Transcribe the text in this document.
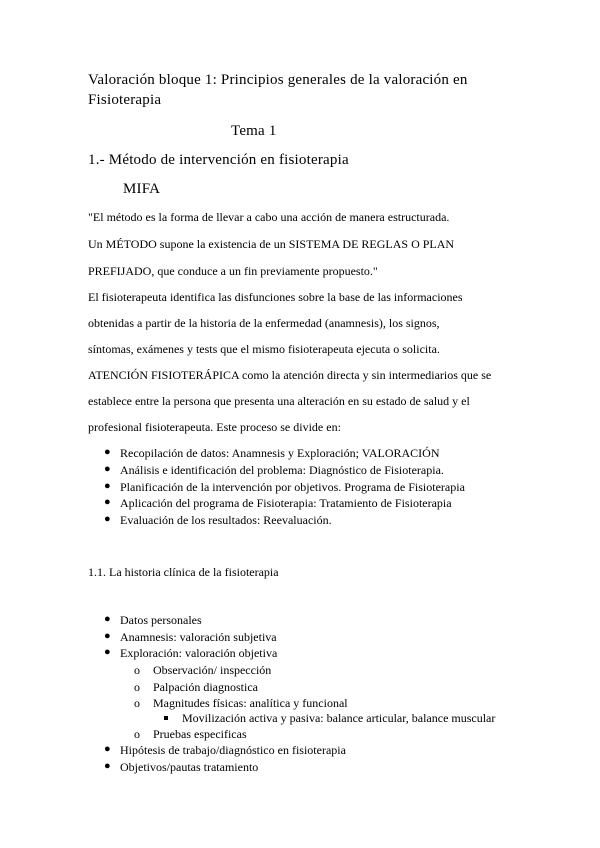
Valoración bloque 1: Principios generales de la valoración en
Fisioterapia
Tema 1
1.- Método de intervención en fisioterapia
MIFA
"El método es la forma de llevar a cabo una acción de manera estructurada.
Un MÉTODO supone la existencia de un SISTEMA DE REGLAS O PLAN
PREFIJADO, que conduce a un fin previamente propuesto."
El fisioterapeuta identifica las disfunciones sobre la base de las informaciones
obtenidas a partir de la historia de la enfermedad (anamnesis), los signos,
síntomas, exámenes y tests que el mismo fisioterapeuta ejecuta o solicita.
ATENCIÓN FISIOTERÁPICA como la atención directa y sin intermediarios que se
establece entre la persona que presenta una alteración en su estado de salud y el
profesional fisioterapeuta. Este proceso se divide en:
● Recopilación de datos: Anamnesis y Exploración; VALORACIÓN
● Análisis e identificación del problema: Diagnóstico de Fisioterapia.
● Planificación de la intervención por objetivos. Programa de Fisioterapia
● Aplicación del programa de Fisioterapia: Tratamiento de Fisioterapia
● Evaluación de los resultados: Reevaluación.
1.1. La historia clínica de la fisioterapia
● Datos personales
● Anamnesis: valoración subjetiva
● Exploración: valoración objetiva
o Observación/ inspección
o Palpación diagnostica
o Magnitudes físicas: analítica y funcional
Movilización activa y pasiva: balance articular, balance muscular
o Pruebas especificas
● Hipótesis de trabajo/diagnóstico en fisioterapia
● Objetivos/pautas tratamiento
